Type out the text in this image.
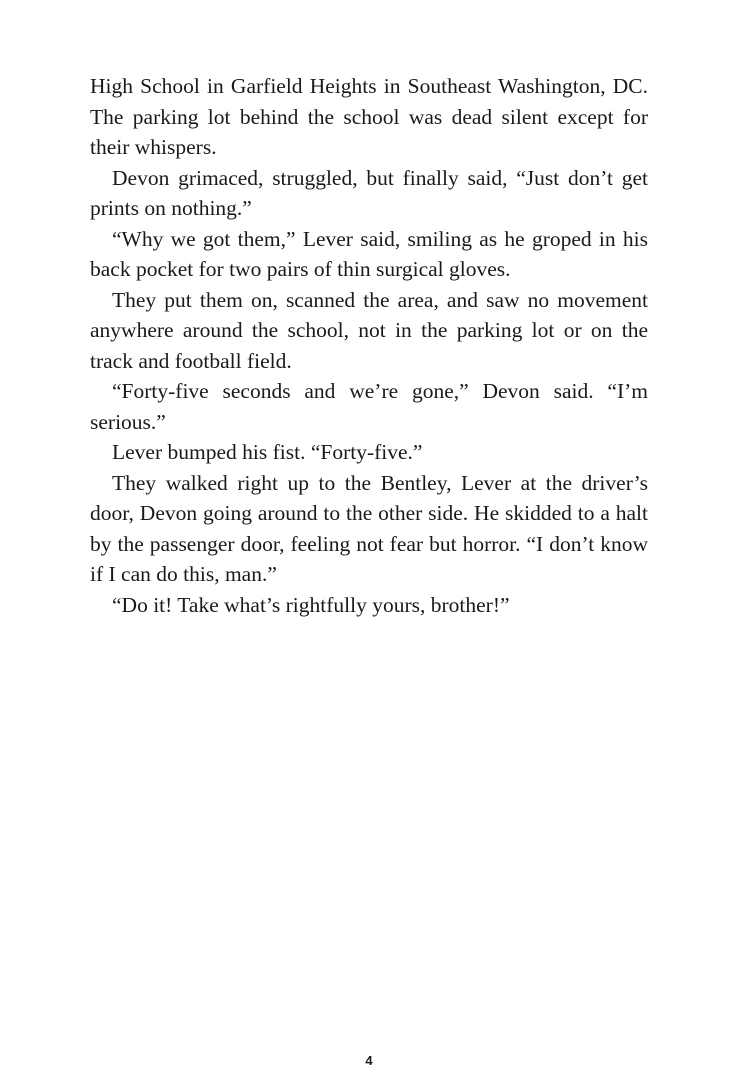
High School in Garfield Heights in Southeast Washington, DC. The parking lot behind the school was dead silent except for their whispers.

Devon grimaced, struggled, but finally said, “Just don’t get prints on nothing.”

“Why we got them,” Lever said, smiling as he groped in his back pocket for two pairs of thin surgical gloves.

They put them on, scanned the area, and saw no movement anywhere around the school, not in the parking lot or on the track and football field.

“Forty-five seconds and we’re gone,” Devon said. “I’m serious.”

Lever bumped his fist. “Forty-five.”

They walked right up to the Bentley, Lever at the driver’s door, Devon going around to the other side. He skidded to a halt by the passenger door, feeling not fear but horror. “I don’t know if I can do this, man.”

“Do it! Take what’s rightfully yours, brother!”

4
